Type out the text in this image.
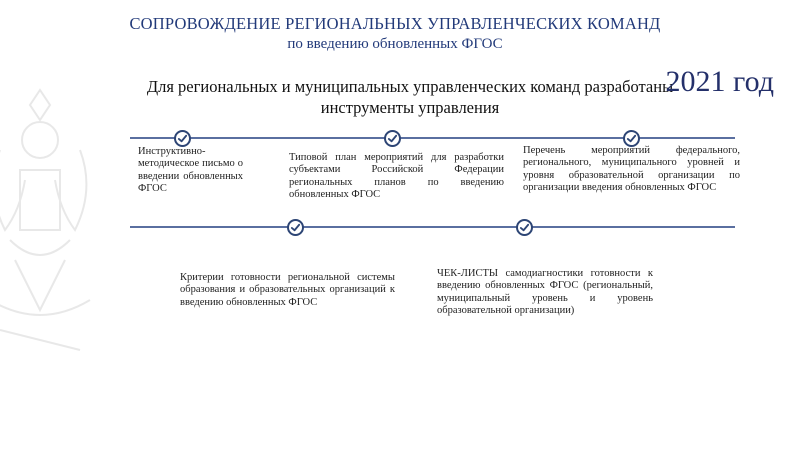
СОПРОВОЖДЕНИЕ РЕГИОНАЛЬНЫХ УПРАВЛЕНЧЕСКИХ КОМАНД
по введению обновленных ФГОС
Для региональных и муниципальных управленческих команд разработаны инструменты управления
2021 год
Инструктивно-методическое письмо о введении обновленных ФГОС
Типовой план мероприятий для разработки субъектами Российской Федерации региональных планов по введению обновленных ФГОС
Перечень мероприятий федерального, регионального, муниципального уровней и уровня образовательной организации по организации введения обновленных ФГОС
Критерии готовности региональной системы образования и образовательных организаций к введению обновленных ФГОС
ЧЕК-ЛИСТЫ самодиагностики готовности к введению обновленных ФГОС (региональный, муниципальный уровень и уровень образовательной организации)
